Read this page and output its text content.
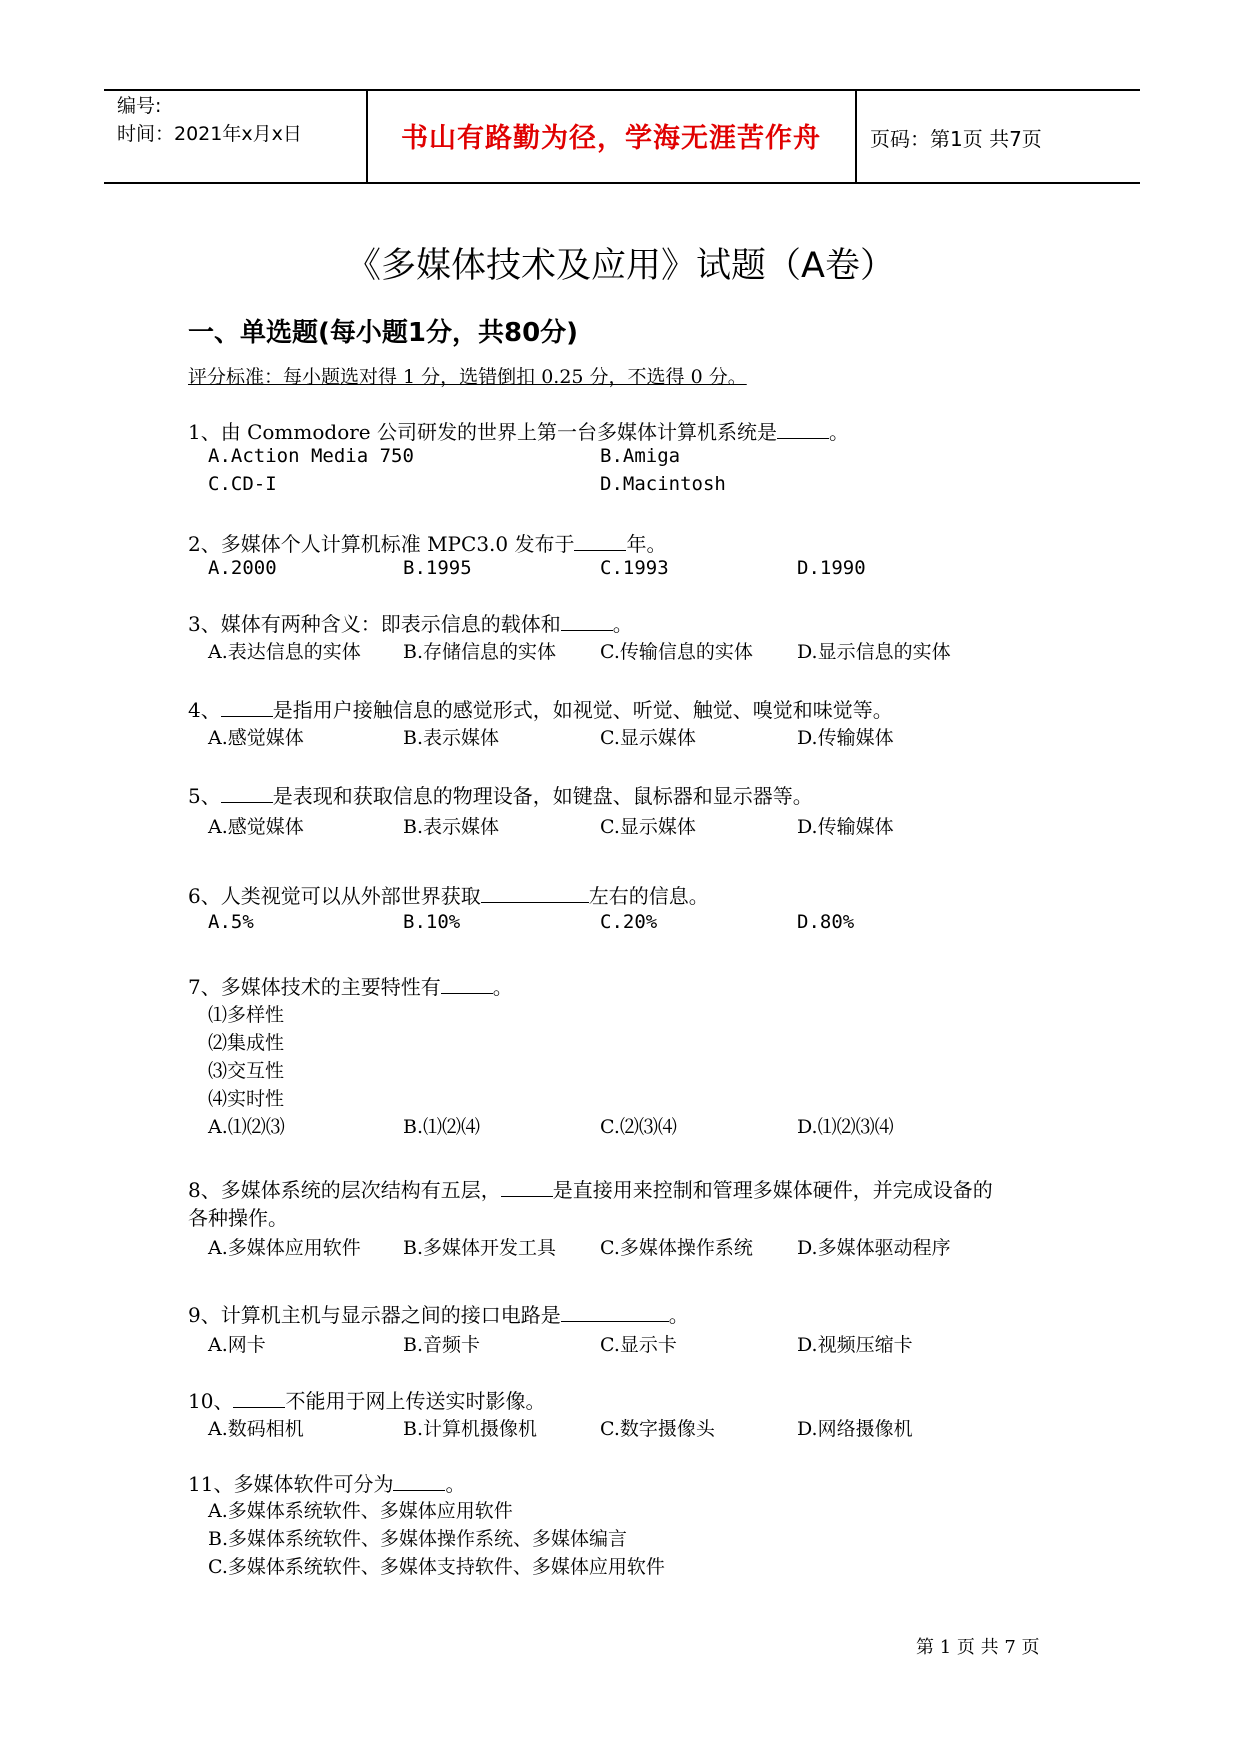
编号:
时间：2021年x月x日	书山有路勤为径，学海无涯苦作舟	页码：第1页 共7页
《多媒体技术及应用》试题（A卷）
一、单选题(每小题1分，共80分)
评分标准：每小题选对得 1 分，选错倒扣 0.25 分，不选得 0 分。
1、由 Commodore 公司研发的世界上第一台多媒体计算机系统是	。
A.Action Media 750	B.Amiga
C.CD-I	D.Macintosh
2、多媒体个人计算机标准 MPC3.0 发布于	年。
A.2000	B.1995	C.1993	D.1990
3、媒体有两种含义：即表示信息的载体和	。
A.表达信息的实体 B.存储信息的实体 C.传输信息的实体 D.显示信息的实体
4、	是指用户接触信息的感觉形式，如视觉、听觉、触觉、嗅觉和味觉等。
A.感觉媒体	B.表示媒体	C.显示媒体	D.传输媒体
5、	是表现和获取信息的物理设备，如键盘、鼠标器和显示器等。
A.感觉媒体	B.表示媒体	C.显示媒体	D.传输媒体
6、人类视觉可以从外部世界获取	左右的信息。
A.5%	B.10%	C.20%	D.80%
7、多媒体技术的主要特性有	。
⑴多样性
⑵集成性
⑶交互性
⑷实时性
A.⑴⑵⑶	B.⑴⑵⑷	C.⑵⑶⑷	D.⑴⑵⑶⑷
8、多媒体系统的层次结构有五层，	是直接用来控制和管理多媒体硬件，并完成设备的
各种操作。
A.多媒体应用软件 B.多媒体开发工具 C.多媒体操作系统 D.多媒体驱动程序
9、计算机主机与显示器之间的接口电路是	。
A.网卡	B.音频卡	C.显示卡	D.视频压缩卡
10、	不能用于网上传送实时影像。
A.数码相机	B.计算机摄像机	C.数字摄像头	D.网络摄像机
11、多媒体软件可分为	。
A.多媒体系统软件、多媒体应用软件
B.多媒体系统软件、多媒体操作系统、多媒体编言
C.多媒体系统软件、多媒体支持软件、多媒体应用软件
第 1 页 共 7 页
